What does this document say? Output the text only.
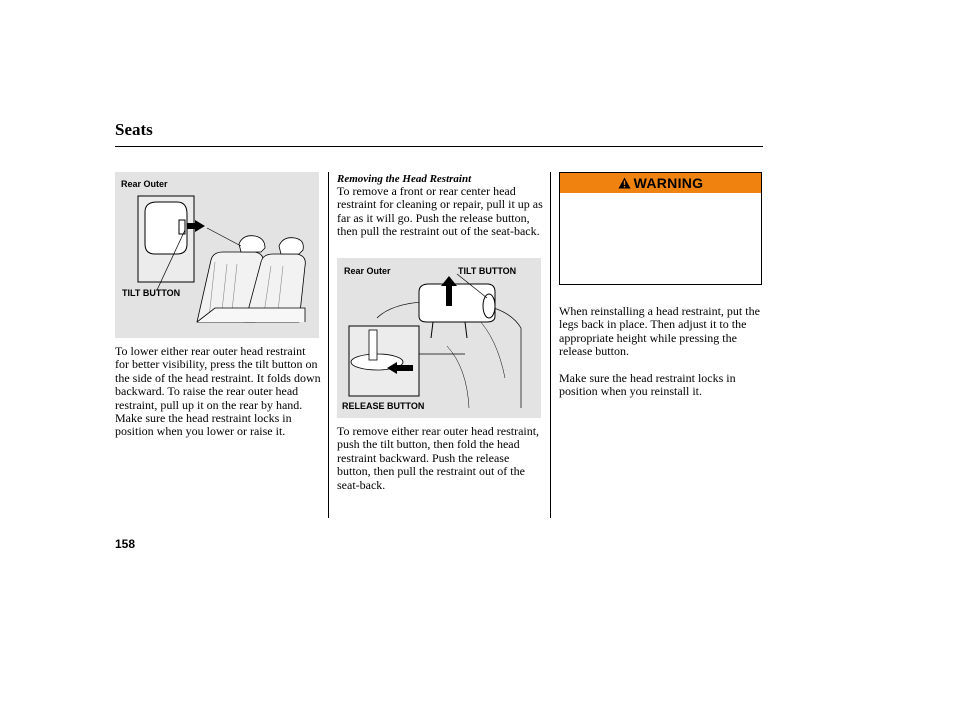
Seats
Rear Outer
TILT BUTTON

To lower either rear outer head restraint for better visibility, press the tilt button on the side of the head restraint. It folds down backward. To raise the rear outer head restraint, pull up it on the rear by hand. Make sure the head restraint locks in position when you lower or raise it.

Removing the Head Restraint

To remove a front or rear center head restraint for cleaning or repair, pull it up as far as it will go. Push the release button, then pull the restraint out of the seat-back.

Rear Outer	TILT BUTTON
RELEASE BUTTON

To remove either rear outer head restraint, push the tilt button, then fold the head restraint backward. Push the release button, then pull the restraint out of the seat-back.

WARNING

When reinstalling a head restraint, put the legs back in place. Then adjust it to the appropriate height while pressing the release button.

Make sure the head restraint locks in position when you reinstall it.

158
